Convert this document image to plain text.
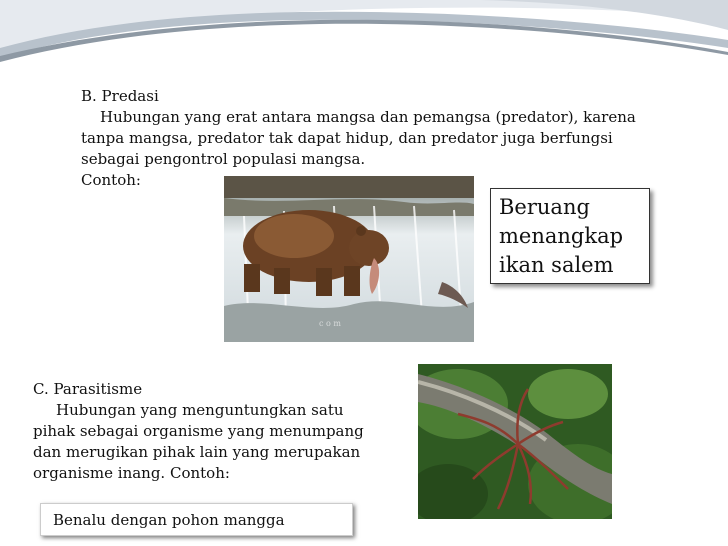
B. Predasi
Hubungan yang erat antara mangsa dan pemangsa (predator), karena
tanpa mangsa, predator tak dapat hidup, dan predator juga berfungsi
sebagai pengontrol populasi mangsa.
Contoh:
c o m
Beruang
menangkap
ikan salem
C. Parasitisme
Hubungan yang menguntungkan satu
pihak sebagai organisme yang menumpang
dan merugikan pihak lain yang merupakan
organisme inang. Contoh:
Benalu dengan pohon mangga
